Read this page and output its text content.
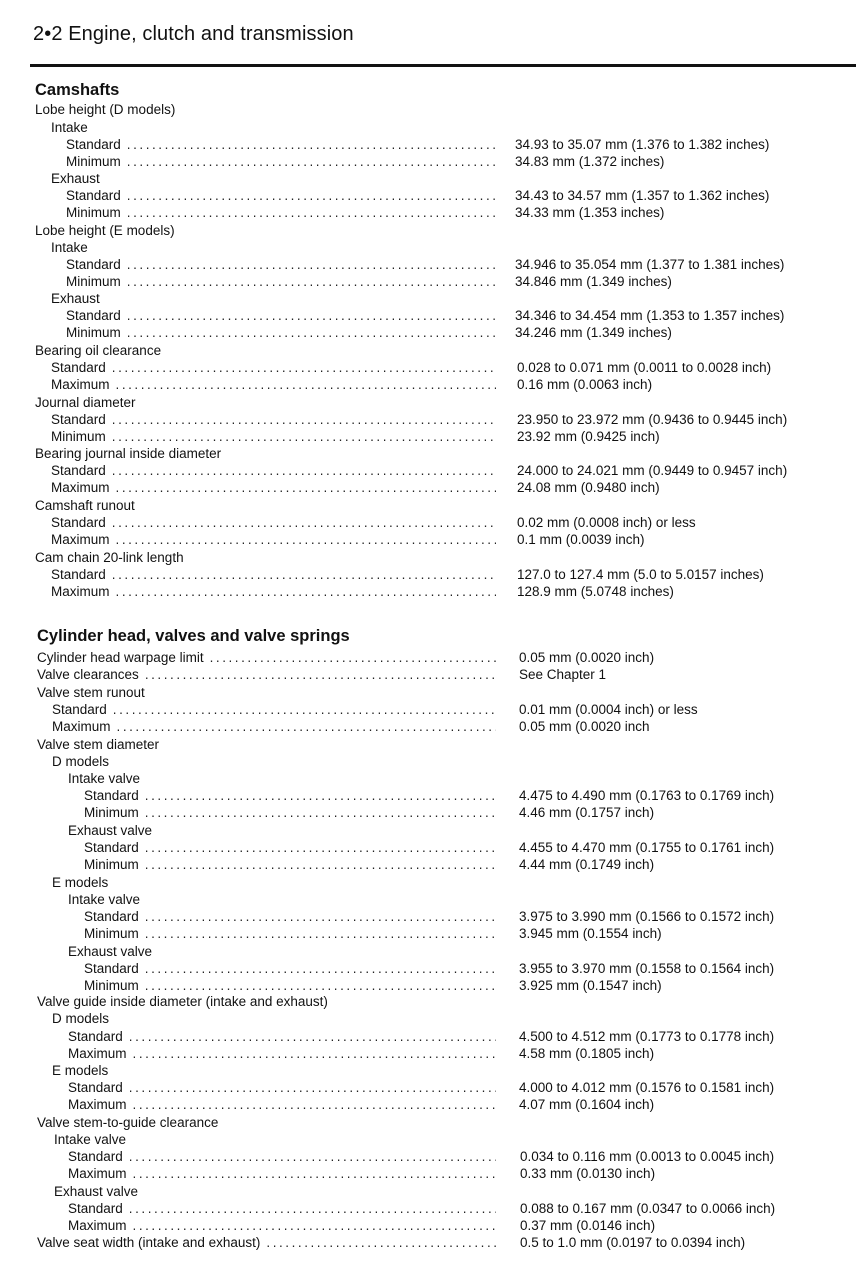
2•2 Engine, clutch and transmission
Camshafts
Lobe height (D models)
Intake
Standard . . .	34.93 to 35.07 mm (1.376 to 1.382 inches)
Minimum . . .	34.83 mm (1.372 inches)
Exhaust
Standard . . .	34.43 to 34.57 mm (1.357 to 1.362 inches)
Minimum . . .	34.33 mm (1.353 inches)
Lobe height (E models)
Intake
Standard . . .	34.946 to 35.054 mm (1.377 to 1.381 inches)
Minimum . . .	34.846 mm (1.349 inches)
Exhaust
Standard . . .	34.346 to 34.454 mm (1.353 to 1.357 inches)
Minimum . . .	34.246 mm (1.349 inches)
Bearing oil clearance
Standard . . .	0.028 to 0.071 mm (0.0011 to 0.0028 inch)
Maximum . . .	0.16 mm (0.0063 inch)
Journal diameter
Standard . . .	23.950 to 23.972 mm (0.9436 to 0.9445 inch)
Minimum . . .	23.92 mm (0.9425 inch)
Bearing journal inside diameter
Standard . . .	24.000 to 24.021 mm (0.9449 to 0.9457 inch)
Maximum . . .	24.08 mm (0.9480 inch)
Camshaft runout
Standard . . .	0.02 mm (0.0008 inch) or less
Maximum . . .	0.1 mm (0.0039 inch)
Cam chain 20-link length
Standard . . .	127.0 to 127.4 mm (5.0 to 5.0157 inches)
Maximum . . .	128.9 mm (5.0748 inches)
Cylinder head, valves and valve springs
Cylinder head warpage limit . . .	0.05 mm (0.0020 inch)
Valve clearances . . .	See Chapter 1
Valve stem runout
Standard . . .	0.01 mm (0.0004 inch) or less
Maximum . . .	0.05 mm (0.0020 inch
Valve stem diameter
D models
Intake valve
Standard . . .	4.475 to 4.490 mm (0.1763 to 0.1769 inch)
Minimum . . .	4.46 mm (0.1757 inch)
Exhaust valve
Standard . . .	4.455 to 4.470 mm (0.1755 to 0.1761 inch)
Minimum . . .	4.44 mm (0.1749 inch)
E models
Intake valve
Standard . . .	3.975 to 3.990 mm (0.1566 to 0.1572 inch)
Minimum . . .	3.945 mm (0.1554 inch)
Exhaust valve
Standard . . .	3.955 to 3.970 mm (0.1558 to 0.1564 inch)
Minimum . . .	3.925 mm (0.1547 inch)
Valve guide inside diameter (intake and exhaust)
D models
Standard . . .	4.500 to 4.512 mm (0.1773 to 0.1778 inch)
Maximum . . .	4.58 mm (0.1805 inch)
E models
Standard . . .	4.000 to 4.012 mm (0.1576 to 0.1581 inch)
Maximum . . .	4.07 mm (0.1604 inch)
Valve stem-to-guide clearance
Intake valve
Standard . . .	0.034 to 0.116 mm (0.0013 to 0.0045 inch)
Maximum . . .	0.33 mm (0.0130 inch)
Exhaust valve
Standard . . .	0.088 to 0.167 mm (0.0347 to 0.0066 inch)
Maximum . . .	0.37 mm (0.0146 inch)
Valve seat width (intake and exhaust) . . .	0.5 to 1.0 mm (0.0197 to 0.0394 inch)
